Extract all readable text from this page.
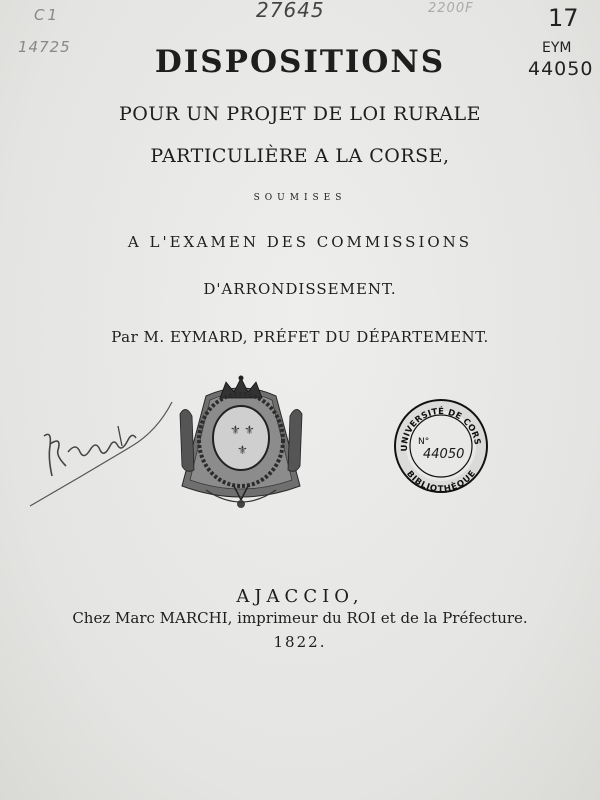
C1
14725
27645	2200F	17
EYM
44050
DISPOSITIONS
POUR UN PROJET DE LOI RURALE
PARTICULIÈRE A LA CORSE,
SOUMISES
A L'EXAMEN DES COMMISSIONS
D'ARRONDISSEMENT.
Par M. EYMARD, PRÉFET DU DÉPARTEMENT.
⚜ ⚜
⚜	UNIVERSITÉ DE CORS
BIBLIOTHÈQUE
N°
44050
AJACCIO,
Chez Marc MARCHI, imprimeur du ROI et de la Préfecture.
1822.
